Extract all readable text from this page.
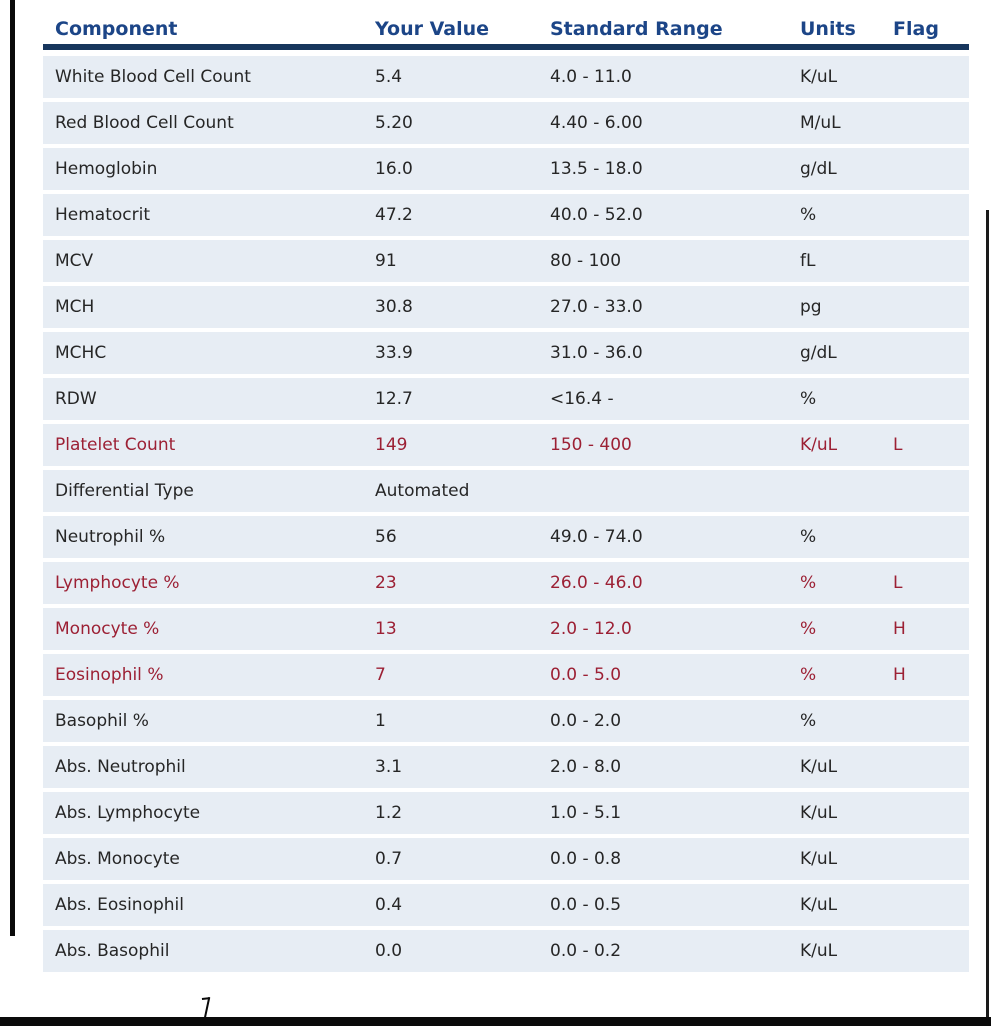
Component	Your Value	Standard Range	Units	Flag
White Blood Cell Count	5.4	4.0 - 11.0	K/uL
Red Blood Cell Count	5.20	4.40 - 6.00	M/uL
Hemoglobin	16.0	13.5 - 18.0	g/dL
Hematocrit	47.2	40.0 - 52.0	%
MCV	91	80 - 100	fL
MCH	30.8	27.0 - 33.0	pg
MCHC	33.9	31.0 - 36.0	g/dL
RDW	12.7	<16.4 -	%
Platelet Count	149	150 - 400	K/uL	L
Differential Type	Automated
Neutrophil %	56	49.0 - 74.0	%
Lymphocyte %	23	26.0 - 46.0	%	L
Monocyte %	13	2.0 - 12.0	%	H
Eosinophil %	7	0.0 - 5.0	%	H
Basophil %	1	0.0 - 2.0	%
Abs. Neutrophil	3.1	2.0 - 8.0	K/uL
Abs. Lymphocyte	1.2	1.0 - 5.1	K/uL
Abs. Monocyte	0.7	0.0 - 0.8	K/uL
Abs. Eosinophil	0.4	0.0 - 0.5	K/uL
Abs. Basophil	0.0	0.0 - 0.2	K/uL
